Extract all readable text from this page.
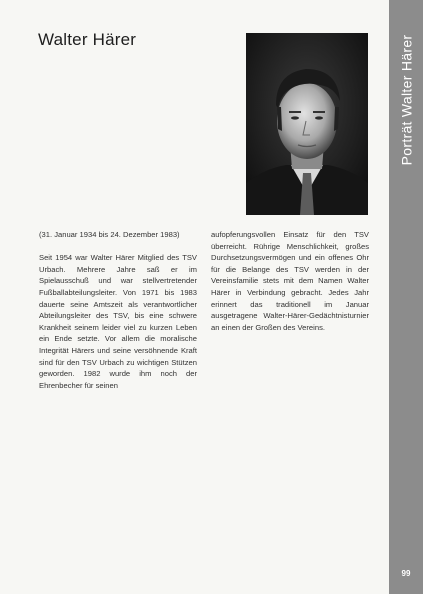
Walter Härer

(31. Januar 1934 bis 24. Dezember 1983)

Seit 1954 war Walter Härer Mitglied des TSV Urbach. Mehrere Jahre saß er im Spielausschuß und war stellvertretender Fußballabteilungsleiter. Von 1971 bis 1983 dauerte seine Amtszeit als verantwortlicher Abteilungsleiter des TSV, bis eine schwere Krankheit seinem leider viel zu kurzen Leben ein Ende setzte. Vor allem die moralische Integrität Härers und seine versöhnende Kraft sind für den TSV Urbach zu wichtigen Stützen geworden. 1982 wurde ihm noch der Ehrenbecher für seinen

aufopferungsvollen Einsatz für den TSV überreicht. Rührige Menschlichkeit, großes Durchsetzungsvermögen und ein offenes Ohr für die Belange des TSV werden in der Vereinsfamilie stets mit dem Namen Walter Härer in Verbindung gebracht. Jedes Jahr erinnert das traditionell im Januar ausgetragene Walter-Härer-Gedächtnisturnier an einen der Großen des Vereins.

Porträt Walter Härer
99
